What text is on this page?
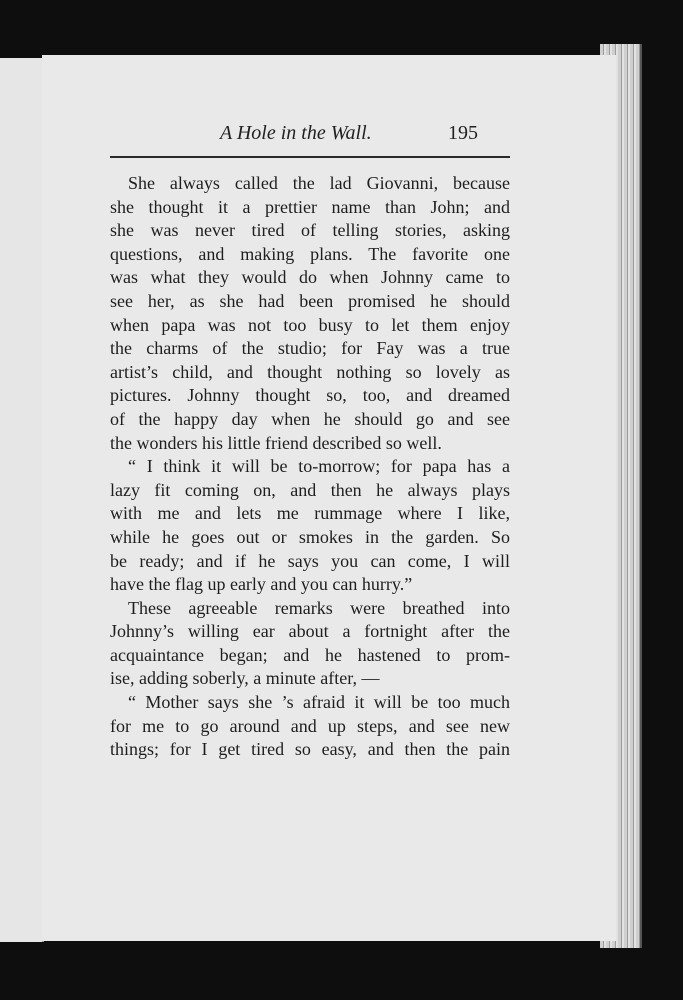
A Hole in the Wall.	195
She always called the lad Giovanni, because
she thought it a prettier name than John; and
she was never tired of telling stories, asking
questions, and making plans. The favorite one
was what they would do when Johnny came to
see her, as she had been promised he should
when papa was not too busy to let them enjoy
the charms of the studio; for Fay was a true
artist’s child, and thought nothing so lovely as
pictures. Johnny thought so, too, and dreamed
of the happy day when he should go and see
the wonders his little friend described so well.
“ I think it will be to-morrow; for papa has a
lazy fit coming on, and then he always plays
with me and lets me rummage where I like,
while he goes out or smokes in the garden. So
be ready; and if he says you can come, I will
have the flag up early and you can hurry.”
These agreeable remarks were breathed into
Johnny’s willing ear about a fortnight after the
acquaintance began; and he hastened to prom-
ise, adding soberly, a minute after, —
“ Mother says she ’s afraid it will be too much
for me to go around and up steps, and see new
things; for I get tired so easy, and then the pain
